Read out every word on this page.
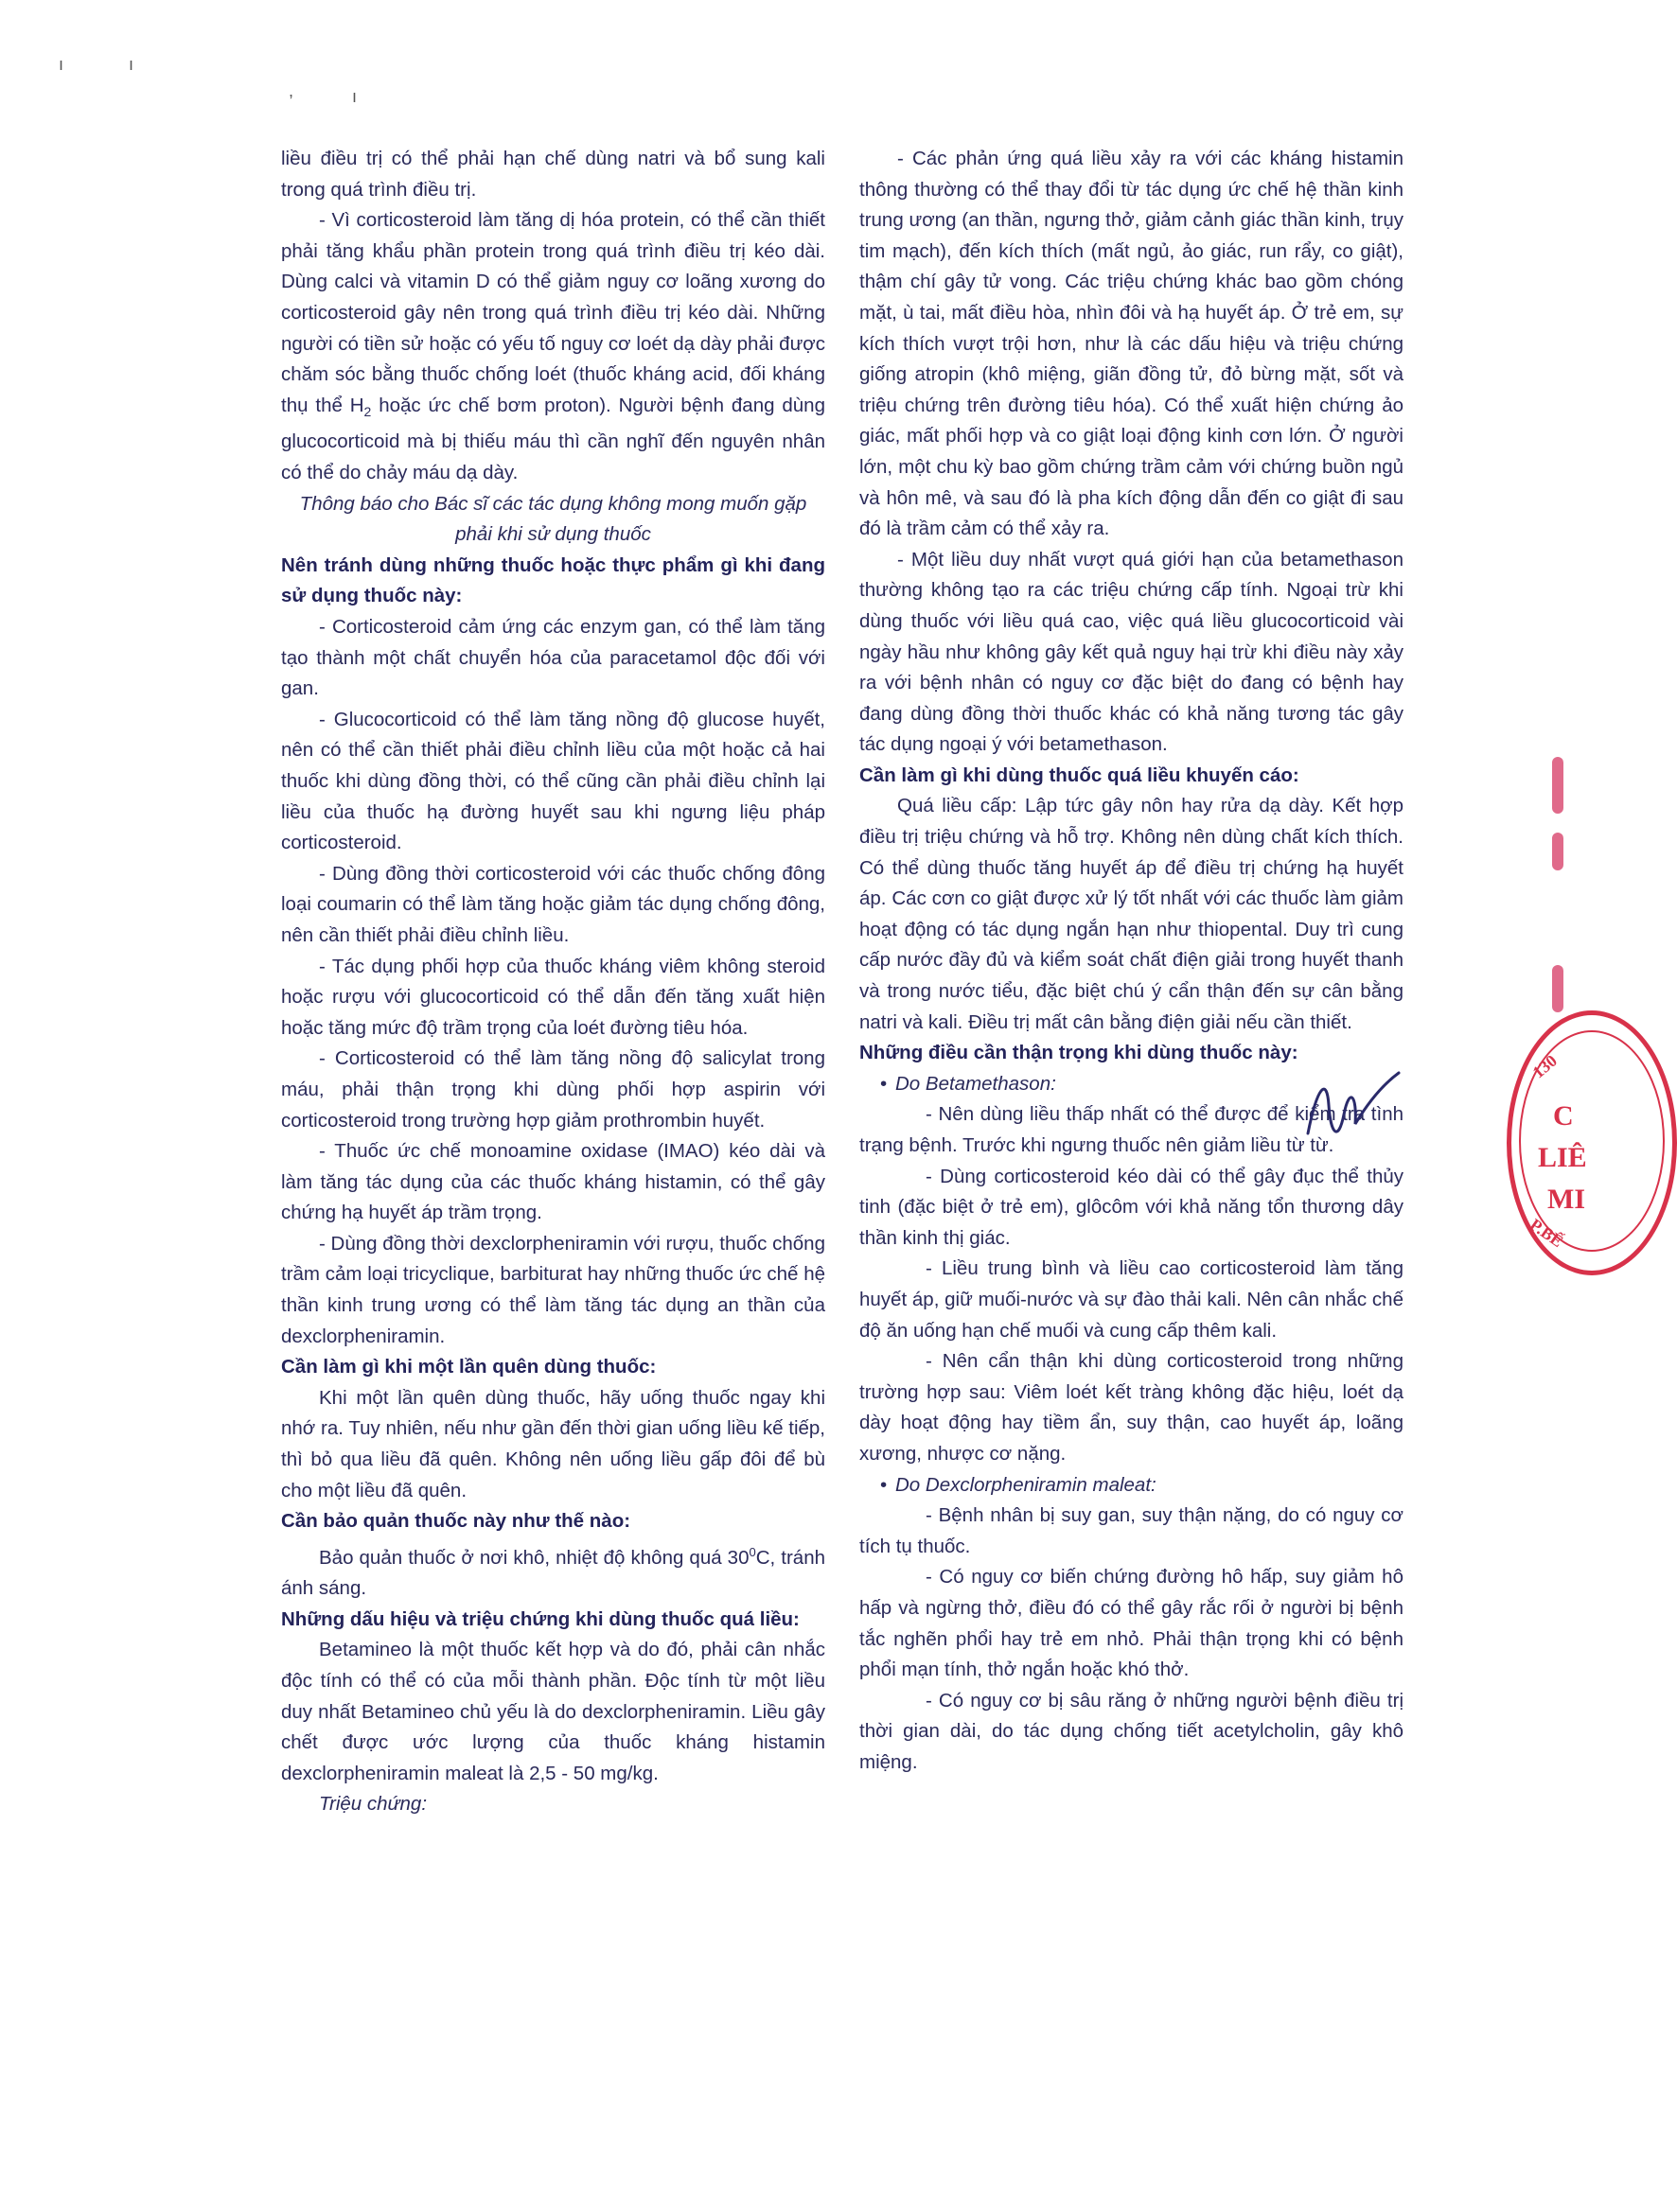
ı	ı
,	ı

liều điều trị có thể phải hạn chế dùng natri và bổ sung kali trong quá trình điều trị.

- Vì corticosteroid làm tăng dị hóa protein, có thể cần thiết phải tăng khẩu phần protein trong quá trình điều trị kéo dài. Dùng calci và vitamin D có thể giảm nguy cơ loãng xương do corticosteroid gây nên trong quá trình điều trị kéo dài. Những người có tiền sử hoặc có yếu tố nguy cơ loét dạ dày phải được chăm sóc bằng thuốc chống loét (thuốc kháng acid, đối kháng thụ thể $H_2$ hoặc ức chế bơm proton). Người bệnh đang dùng glucocorticoid mà bị thiếu máu thì cần nghĩ đến nguyên nhân có thể do chảy máu dạ dày.

Thông báo cho Bác sĩ các tác dụng không mong muốn gặp phải khi sử dụng thuốc

Nên tránh dùng những thuốc hoặc thực phẩm gì khi đang sử dụng thuốc này:

- Corticosteroid cảm ứng các enzym gan, có thể làm tăng tạo thành một chất chuyển hóa của paracetamol độc đối với gan.

- Glucocorticoid có thể làm tăng nồng độ glucose huyết, nên có thể cần thiết phải điều chỉnh liều của một hoặc cả hai thuốc khi dùng đồng thời, có thể cũng cần phải điều chỉnh lại liều của thuốc hạ đường huyết sau khi ngưng liệu pháp corticosteroid.

- Dùng đồng thời corticosteroid với các thuốc chống đông loại coumarin có thể làm tăng hoặc giảm tác dụng chống đông, nên cần thiết phải điều chỉnh liều.

- Tác dụng phối hợp của thuốc kháng viêm không steroid hoặc rượu với glucocorticoid có thể dẫn đến tăng xuất hiện hoặc tăng mức độ trầm trọng của loét đường tiêu hóa.

- Corticosteroid có thể làm tăng nồng độ salicylat trong máu, phải thận trọng khi dùng phối hợp aspirin với corticosteroid trong trường hợp giảm prothrombin huyết.

- Thuốc ức chế monoamine oxidase (IMAO) kéo dài và làm tăng tác dụng của các thuốc kháng histamin, có thể gây chứng hạ huyết áp trầm trọng.

- Dùng đồng thời dexclorpheniramin với rượu, thuốc chống trầm cảm loại tricyclique, barbiturat hay những thuốc ức chế hệ thần kinh trung ương có thể làm tăng tác dụng an thần của dexclorpheniramin.

Cần làm gì khi một lần quên dùng thuốc:

Khi một lần quên dùng thuốc, hãy uống thuốc ngay khi nhớ ra. Tuy nhiên, nếu như gần đến thời gian uống liều kế tiếp, thì bỏ qua liều đã quên. Không nên uống liều gấp đôi để bù cho một liều đã quên.

Cần bảo quản thuốc này như thế nào:

Bảo quản thuốc ở nơi khô, nhiệt độ không quá $30^0C$, tránh ánh sáng.

Những dấu hiệu và triệu chứng khi dùng thuốc quá liều:

Betamineo là một thuốc kết hợp và do đó, phải cân nhắc độc tính có thể có của mỗi thành phần. Độc tính từ một liều duy nhất Betamineo chủ yếu là do dexclorpheniramin. Liều gây chết được ước lượng của thuốc kháng histamin dexclorpheniramin maleat là 2,5 - 50 mg/kg.

Triệu chứng:

- Các phản ứng quá liều xảy ra với các kháng histamin thông thường có thể thay đổi từ tác dụng ức chế hệ thần kinh trung ương (an thần, ngưng thở, giảm cảnh giác thần kinh, trụy tim mạch), đến kích thích (mất ngủ, ảo giác, run rẩy, co giật), thậm chí gây tử vong. Các triệu chứng khác bao gồm chóng mặt, ù tai, mất điều hòa, nhìn đôi và hạ huyết áp. Ở trẻ em, sự kích thích vượt trội hơn, như là các dấu hiệu và triệu chứng giống atropin (khô miệng, giãn đồng tử, đỏ bừng mặt, sốt và triệu chứng trên đường tiêu hóa). Có thể xuất hiện chứng ảo giác, mất phối hợp và co giật loại động kinh cơn lớn. Ở người lớn, một chu kỳ bao gồm chứng trầm cảm với chứng buồn ngủ và hôn mê, và sau đó là pha kích động dẫn đến co giật đi sau đó là trầm cảm có thể xảy ra.

- Một liều duy nhất vượt quá giới hạn của betamethason thường không tạo ra các triệu chứng cấp tính. Ngoại trừ khi dùng thuốc với liều quá cao, việc quá liều glucocorticoid vài ngày hầu như không gây kết quả nguy hại trừ khi điều này xảy ra với bệnh nhân có nguy cơ đặc biệt do đang có bệnh hay đang dùng đồng thời thuốc khác có khả năng tương tác gây tác dụng ngoại ý với betamethason.

Cần làm gì khi dùng thuốc quá liều khuyến cáo:

Quá liều cấp: Lập tức gây nôn hay rửa dạ dày. Kết hợp điều trị triệu chứng và hỗ trợ. Không nên dùng chất kích thích. Có thể dùng thuốc tăng huyết áp để điều trị chứng hạ huyết áp. Các cơn co giật được xử lý tốt nhất với các thuốc làm giảm hoạt động có tác dụng ngắn hạn như thiopental. Duy trì cung cấp nước đầy đủ và kiểm soát chất điện giải trong huyết thanh và trong nước tiểu, đặc biệt chú ý cẩn thận đến sự cân bằng natri và kali. Điều trị mất cân bằng điện giải nếu cần thiết.

Những điều cần thận trọng khi dùng thuốc này:

• Do Betamethason:

- Nên dùng liều thấp nhất có thể được để kiểm tra tình trạng bệnh. Trước khi ngưng thuốc nên giảm liều từ từ.

- Dùng corticosteroid kéo dài có thể gây đục thể thủy tinh (đặc biệt ở trẻ em), glôcôm với khả năng tổn thương dây thần kinh thị giác.

- Liều trung bình và liều cao corticosteroid làm tăng huyết áp, giữ muối-nước và sự đào thải kali. Nên cân nhắc chế độ ăn uống hạn chế muối và cung cấp thêm kali.

- Nên cẩn thận khi dùng corticosteroid trong những trường hợp sau: Viêm loét kết tràng không đặc hiệu, loét dạ dày hoạt động hay tiềm ẩn, suy thận, cao huyết áp, loãng xương, nhược cơ nặng.

• Do Dexclorpheniramin maleat:

- Bệnh nhân bị suy gan, suy thận nặng, do có nguy cơ tích tụ thuốc.

- Có nguy cơ biến chứng đường hô hấp, suy giảm hô hấp và ngừng thở, điều đó có thể gây rắc rối ở người bị bệnh tắc nghẽn phổi hay trẻ em nhỏ. Phải thận trọng khi có bệnh phổi mạn tính, thở ngắn hoặc khó thở.

- Có nguy cơ bị sâu răng ở những người bệnh điều trị thời gian dài, do tác dụng chống tiết acetylcholin, gây khô miệng.

130
C
LIÊ
MI
P.BẾ
